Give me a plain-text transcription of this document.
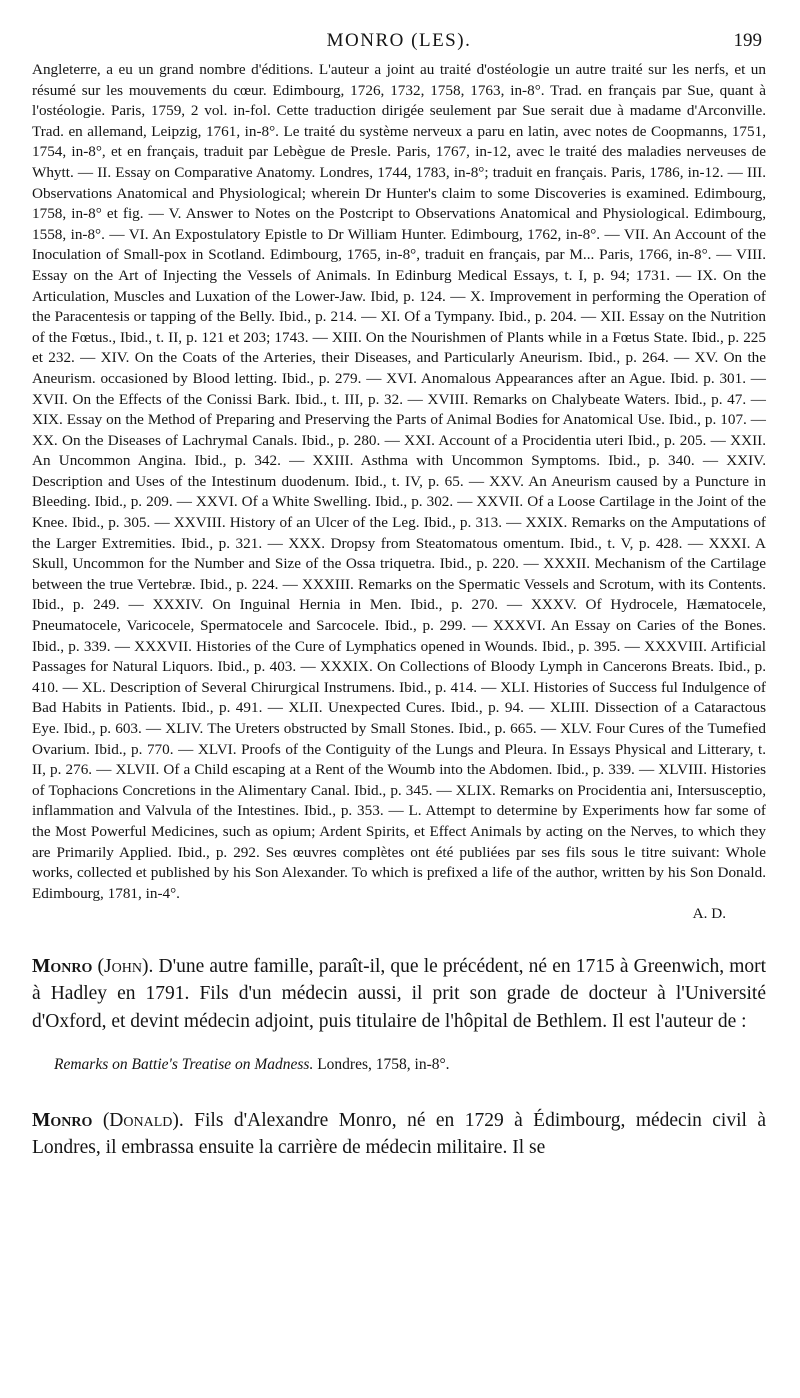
MONRO (LES).	199

Angleterre, a eu un grand nombre d'éditions. L'auteur a joint au traité d'ostéologie un autre traité sur les nerfs, et un résumé sur les mouvements du cœur. Edimbourg, 1726, 1732, 1758, 1763, in-8°. Trad. en français par Sue, quant à l'ostéologie. Paris, 1759, 2 vol. in-fol. Cette traduction dirigée seulement par Sue serait due à madame d'Arconville. Trad. en allemand, Leipzig, 1761, in-8°. Le traité du système nerveux a paru en latin, avec notes de Coopmanns, 1751, 1754, in-8°, et en français, traduit par Lebègue de Presle. Paris, 1767, in-12, avec le traité des maladies nerveuses de Whytt. — II. Essay on Comparative Anatomy. Londres, 1744, 1783, in-8°; traduit en français. Paris, 1786, in-12. — III. Observations Anatomical and Physiological; wherein Dr Hunter's claim to some Discoveries is examined. Edimbourg, 1758, in-8° et fig. — V. Answer to Notes on the Postcript to Observations Anatomical and Physiological. Edimbourg, 1558, in-8°. — VI. An Expostulatory Epistle to Dr William Hunter. Edimbourg, 1762, in-8°. — VII. An Account of the Inoculation of Small-pox in Scotland. Edimbourg, 1765, in-8°, traduit en français, par M... Paris, 1766, in-8°. — VIII. Essay on the Art of Injecting the Vessels of Animals. In Edinburg Medical Essays, t. I, p. 94; 1731. — IX. On the Articulation, Muscles and Luxation of the Lower-Jaw. Ibid, p. 124. — X. Improvement in performing the Operation of the Paracentesis or tapping of the Belly. Ibid., p. 214. — XI. Of a Tympany. Ibid., p. 204. — XII. Essay on the Nutrition of the Fœtus., Ibid., t. II, p. 121 et 203; 1743. — XIII. On the Nourishmen of Plants while in a Fœtus State. Ibid., p. 225 et 232. — XIV. On the Coats of the Arteries, their Diseases, and Particularly Aneurism. Ibid., p. 264. — XV. On the Aneurism. occasioned by Blood letting. Ibid., p. 279. — XVI. Anomalous Appearances after an Ague. Ibid. p. 301. — XVII. On the Effects of the Conissi Bark. Ibid., t. III, p. 32. — XVIII. Remarks on Chalybeate Waters. Ibid., p. 47. — XIX. Essay on the Method of Preparing and Preserving the Parts of Animal Bodies for Anatomical Use. Ibid., p. 107. — XX. On the Diseases of Lachrymal Canals. Ibid., p. 280. — XXI. Account of a Procidentia uteri Ibid., p. 205. — XXII. An Uncommon Angina. Ibid., p. 342. — XXIII. Asthma with Uncommon Symptoms. Ibid., p. 340. — XXIV. Description and Uses of the Intestinum duodenum. Ibid., t. IV, p. 65. — XXV. An Aneurism caused by a Puncture in Bleeding. Ibid., p. 209. — XXVI. Of a White Swelling. Ibid., p. 302. — XXVII. Of a Loose Cartilage in the Joint of the Knee. Ibid., p. 305. — XXVIII. History of an Ulcer of the Leg. Ibid., p. 313. — XXIX. Remarks on the Amputations of the Larger Extremities. Ibid., p. 321. — XXX. Dropsy from Steatomatous omentum. Ibid., t. V, p. 428. — XXXI. A Skull, Uncommon for the Number and Size of the Ossa triquetra. Ibid., p. 220. — XXXII. Mechanism of the Cartilage between the true Vertebræ. Ibid., p. 224. — XXXIII. Remarks on the Spermatic Vessels and Scrotum, with its Contents. Ibid., p. 249. — XXXIV. On Inguinal Hernia in Men. Ibid., p. 270. — XXXV. Of Hydrocele, Hæmatocele, Pneumatocele, Varicocele, Spermatocele and Sarcocele. Ibid., p. 299. — XXXVI. An Essay on Caries of the Bones. Ibid., p. 339. — XXXVII. Histories of the Cure of Lymphatics opened in Wounds. Ibid., p. 395. — XXXVIII. Artificial Passages for Natural Liquors. Ibid., p. 403. — XXXIX. On Collections of Bloody Lymph in Cancerons Breats. Ibid., p. 410. — XL. Description of Several Chirurgical Instrumens. Ibid., p. 414. — XLI. Histories of Success ful Indulgence of Bad Habits in Patients. Ibid., p. 491. — XLII. Unexpected Cures. Ibid., p. 94. — XLIII. Dissection of a Cataractous Eye. Ibid., p. 603. — XLIV. The Ureters obstructed by Small Stones. Ibid., p. 665. — XLV. Four Cures of the Tumefied Ovarium. Ibid., p. 770. — XLVI. Proofs of the Contiguity of the Lungs and Pleura. In Essays Physical and Litterary, t. II, p. 276. — XLVII. Of a Child escaping at a Rent of the Woumb into the Abdomen. Ibid., p. 339. — XLVIII. Histories of Tophacions Concretions in the Alimentary Canal. Ibid., p. 345. — XLIX. Remarks on Procidentia ani, Intersusceptio, inflammation and Valvula of the Intestines. Ibid., p. 353. — L. Attempt to determine by Experiments how far some of the Most Powerful Medicines, such as opium; Ardent Spirits, et Effect Animals by acting on the Nerves, to which they are Primarily Applied. Ibid., p. 292. Ses œuvres complètes ont été publiées par ses fils sous le titre suivant: Whole works, collected et published by his Son Alexander. To which is prefixed a life of the author, written by his Son Donald. Edimbourg, 1781, in-4°.

A. D.

Monro (John). D'une autre famille, paraît-il, que le précédent, né en 1715 à Greenwich, mort à Hadley en 1791. Fils d'un médecin aussi, il prit son grade de docteur à l'Université d'Oxford, et devint médecin adjoint, puis titulaire de l'hôpital de Bethlem. Il est l'auteur de :

Remarks on Battie's Treatise on Madness. Londres, 1758, in-8°.

Monro (Donald). Fils d'Alexandre Monro, né en 1729 à Édimbourg, médecin civil à Londres, il embrassa ensuite la carrière de médecin militaire. Il se
